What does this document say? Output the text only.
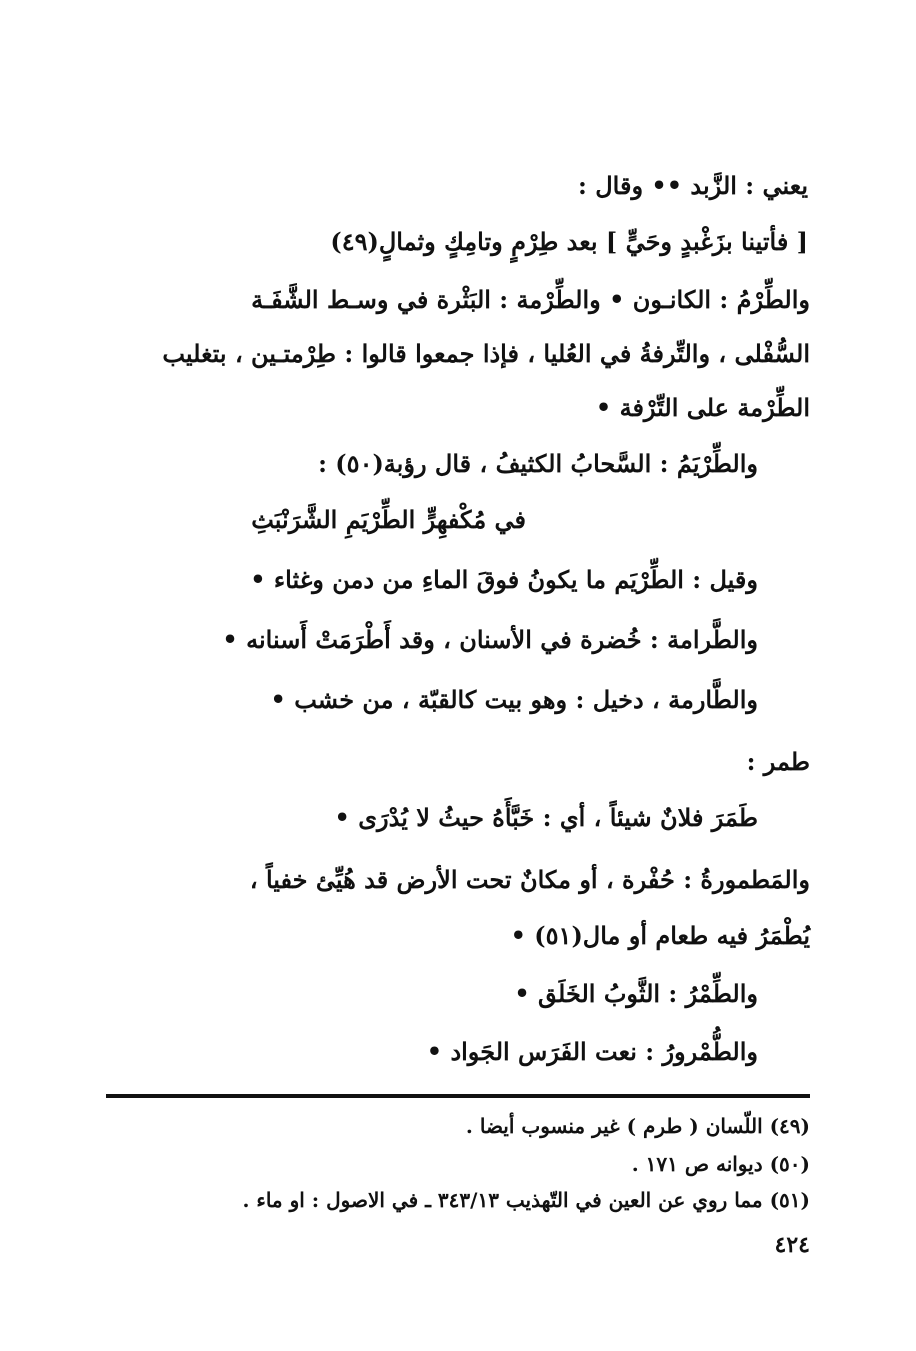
يعني : الزَّبد •• وقال :
[ فأتينا بزَغْبدٍ وحَيٍّ ] بعد طِرْمٍ وتامِكٍ وثمالٍ(٤٩)
والطِّرْمُ : الكانـون • والطِّرْمة : البَثْرة في وسـط الشَّفَـة
السُّفْلى ، والتِّرفةُ في العُليا ، فإذا جمعوا قالوا : طِرْمتـين ، بتغليب
الطِّرْمة على التِّرْفة •
والطِّرْيَمُ : السَّحابُ الكثيفُ ، قال رؤبة(٥٠) :
في مُكْفهِرٍّ الطِّرْيَمِ الشَّرَنْبَثِ
وقيل : الطِّرْيَم ما يكونُ فوقَ الماءِ من دمن وغثاء •
والطَّرامة : خُضرة في الأسنان ، وقد أَطْرَمَتْ أَسنانه •
والطَّارمة ، دخيل : وهو بيت كالقبّة ، من خشب •
طمر :
طَمَرَ فلانٌ شيئاً ، أي : خَبَّأَهُ حيثُ لا يُدْرَى •
والمَطمورةُ : حُفْرة ، أو مكانٌ تحت الأرض قد هُيِّئ خفياً ،
يُطْمَرُ فيه طعام أو مال(٥١) •
والطِّمْرُ : الثَّوبُ الخَلَق •
والطُّمْرورُ : نعت الفَرَس الجَواد •
(٤٩) اللّسان ( طرم ) غير منسوب أيضا .
(٥٠) ديوانه ص ١٧١ .
(٥١) مما روي عن العين في التّهذيب ٣٤٣/١٣ ـ في الاصول : او ماء .
٤٢٤
